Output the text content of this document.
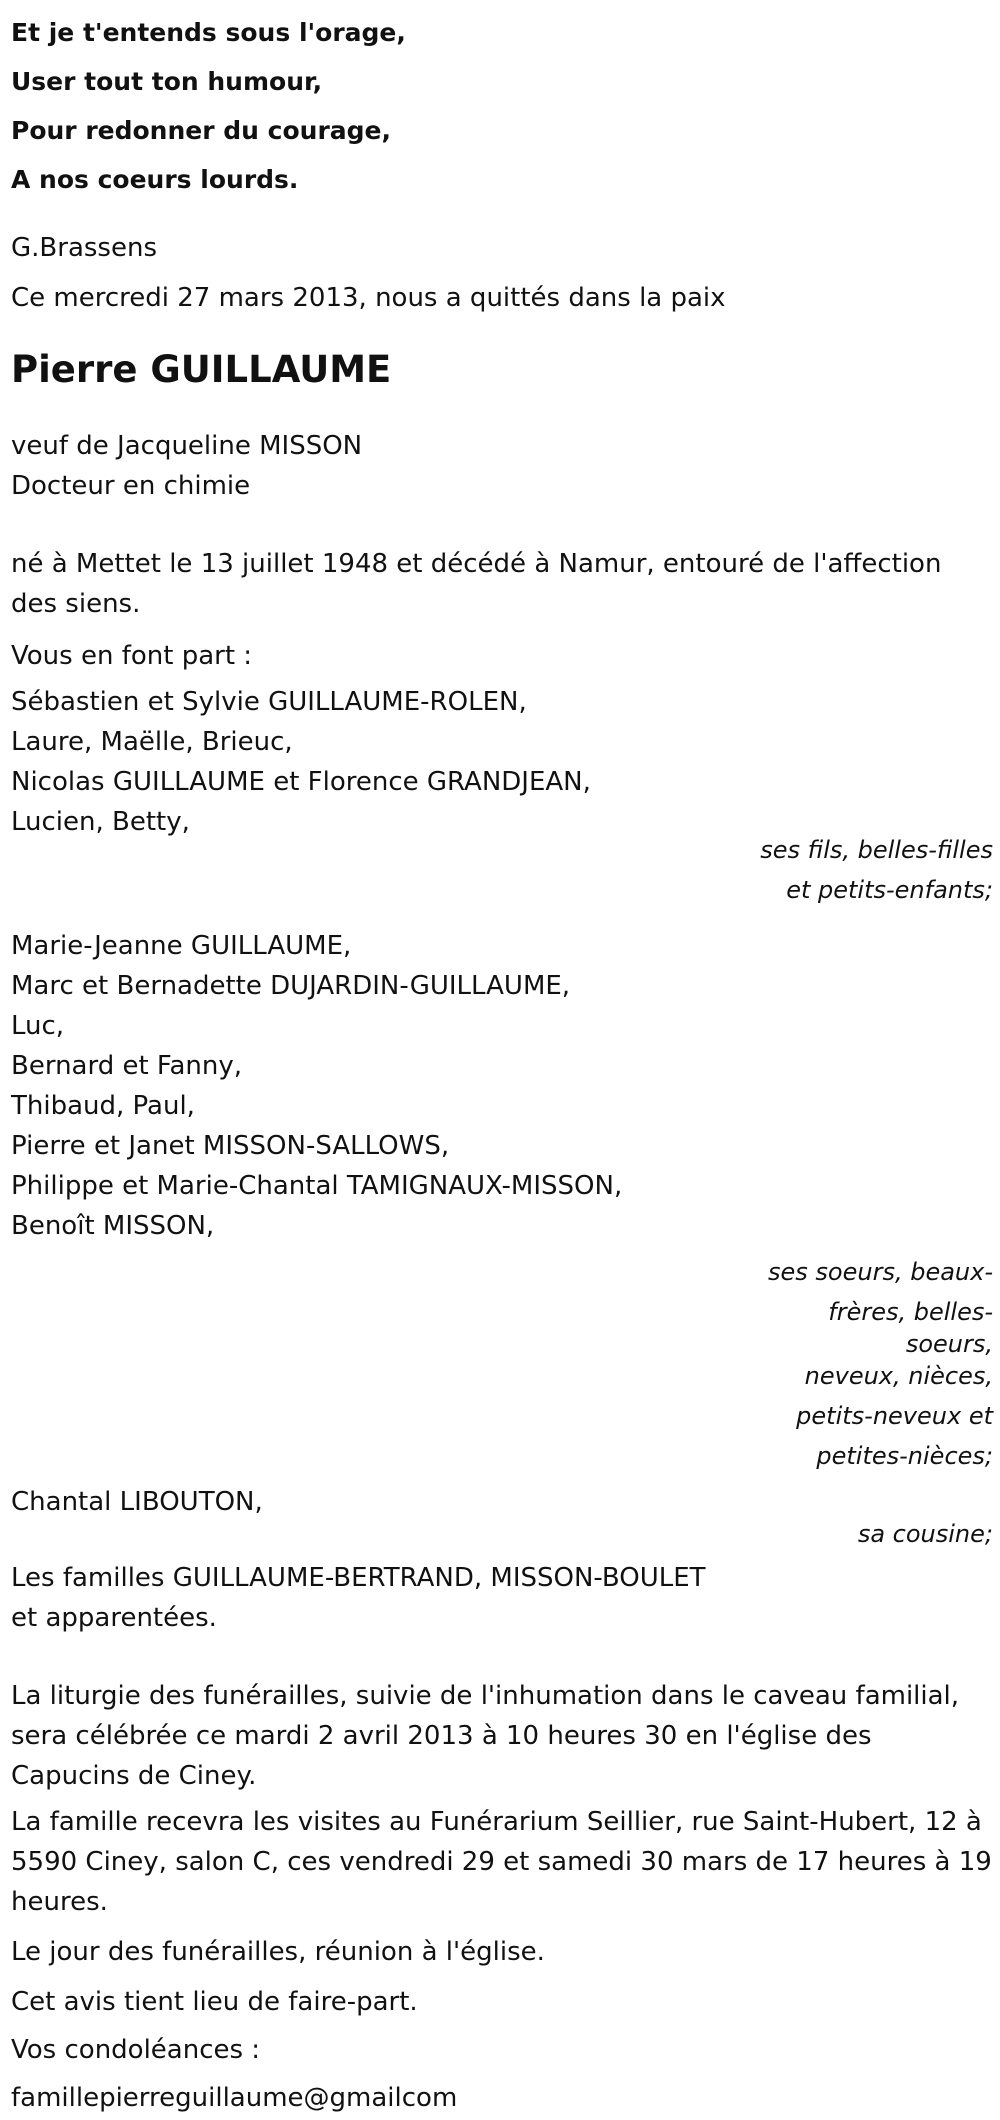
Et je t'entends sous l'orage,

User tout ton humour,

Pour redonner du courage,

A nos coeurs lourds.

G.Brassens

Ce mercredi 27 mars 2013, nous a quittés dans la paix

Pierre GUILLAUME

veuf de Jacqueline MISSON
Docteur en chimie

né à Mettet le 13 juillet 1948 et décédé à Namur, entouré de l'affection des siens.

Vous en font part :

Sébastien et Sylvie GUILLAUME-ROLEN,
Laure, Maëlle, Brieuc,
Nicolas GUILLAUME et Florence GRANDJEAN,
Lucien, Betty,
ses fils, belles-filles
et petits-enfants;
Marie-Jeanne GUILLAUME,
Marc et Bernadette DUJARDIN-GUILLAUME,
Luc,
Bernard et Fanny,
Thibaud, Paul,
Pierre et Janet MISSON-SALLOWS,
Philippe et Marie-Chantal TAMIGNAUX-MISSON,
Benoît MISSON,
ses soeurs, beaux-
frères, belles-
soeurs,
neveux, nièces,
petits-neveux et
petites-nièces;
Chantal LIBOUTON,
sa cousine;
Les familles GUILLAUME-BERTRAND, MISSON-BOULET
et apparentées.

La liturgie des funérailles, suivie de l'inhumation dans le caveau familial, sera célébrée ce mardi 2 avril 2013 à 10 heures 30 en l'église des Capucins de Ciney.

La famille recevra les visites au Funérarium Seillier, rue Saint-Hubert, 12 à 5590 Ciney, salon C, ces vendredi 29 et samedi 30 mars de 17 heures à 19 heures.

Le jour des funérailles, réunion à l'église.

Cet avis tient lieu de faire-part.

Vos condoléances :

famillepierreguillaume@gmailcom
